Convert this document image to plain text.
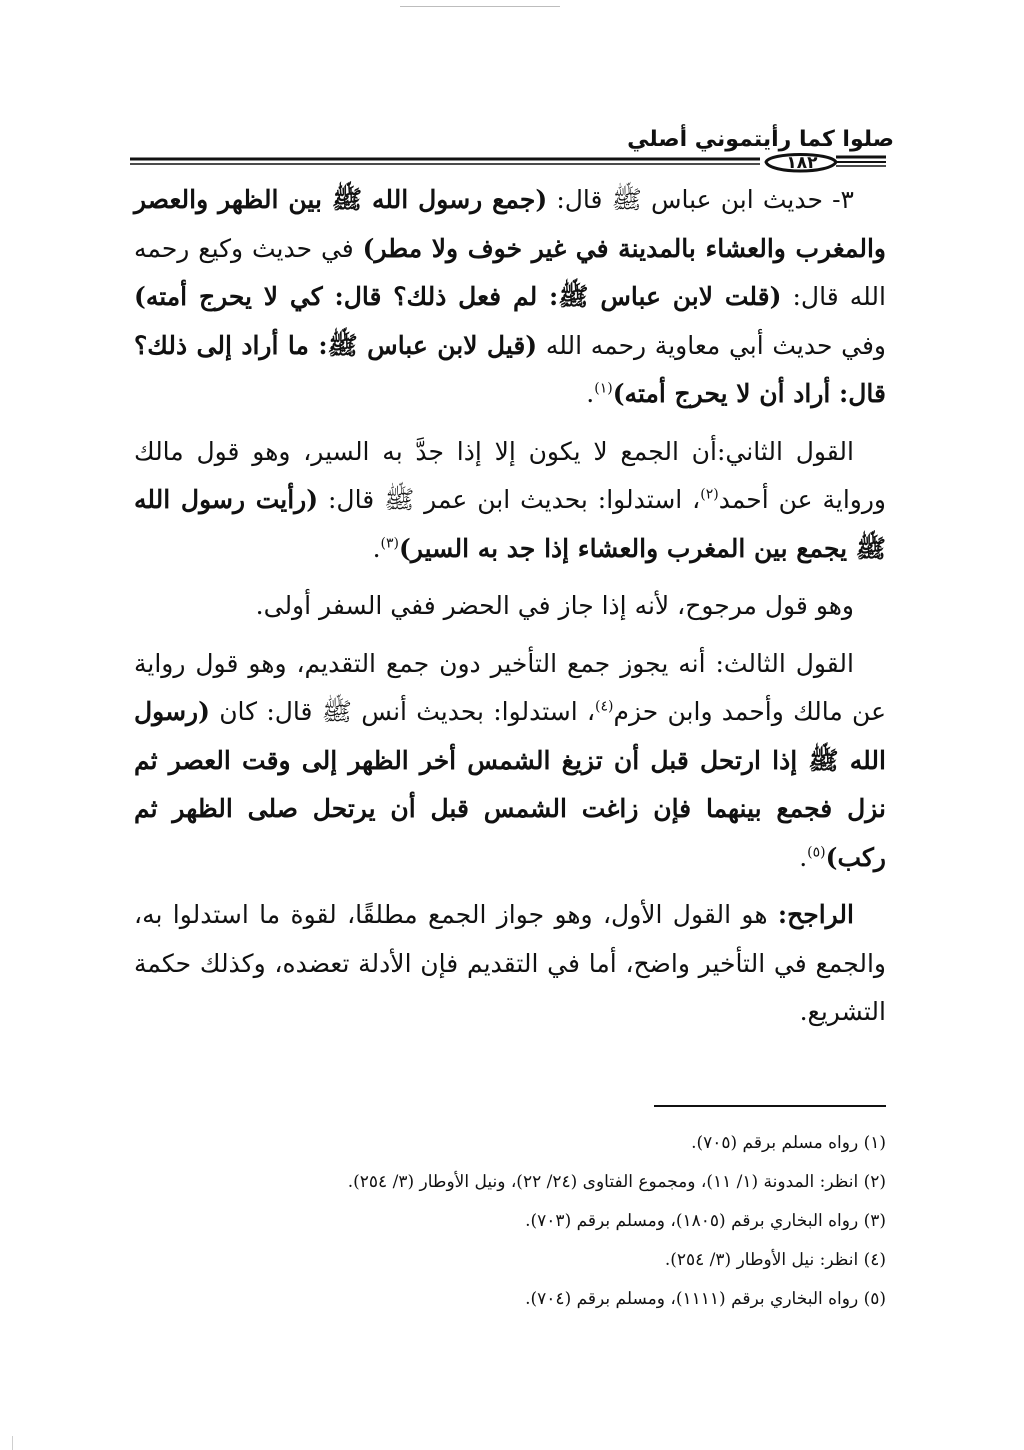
صلوا كما رأيتموني أصلي
١٨٢

٣- حديث ابن عباس ﷺ قال: (جمع رسول الله ﷺ بين الظهر والعصر والمغرب والعشاء بالمدينة في غير خوف ولا مطر) في حديث وكيع رحمه الله قال: (قلت لابن عباس ﷺ: لم فعل ذلك؟ قال: كي لا يحرج أمته) وفي حديث أبي معاوية رحمه الله (قيل لابن عباس ﷺ: ما أراد إلى ذلك؟ قال: أراد أن لا يحرج أمته)$^{(١)}$.

القول الثاني:أن الجمع لا يكون إلا إذا جدَّ به السير، وهو قول مالك ورواية عن أحمد$^{(٢)}$، استدلوا: بحديث ابن عمر ﷺ قال: (رأيت رسول الله ﷺ يجمع بين المغرب والعشاء إذا جد به السير)$^{(٣)}$.

وهو قول مرجوح، لأنه إذا جاز في الحضر ففي السفر أولى.

القول الثالث: أنه يجوز جمع التأخير دون جمع التقديم، وهو قول رواية عن مالك وأحمد وابن حزم$^{(٤)}$، استدلوا: بحديث أنس ﷺ قال: كان (رسول الله ﷺ إذا ارتحل قبل أن تزيغ الشمس أخر الظهر إلى وقت العصر ثم نزل فجمع بينهما فإن زاغت الشمس قبل أن يرتحل صلى الظهر ثم ركب)$^{(٥)}$.

الراجح: هو القول الأول، وهو جواز الجمع مطلقًا، لقوة ما استدلوا به، والجمع في التأخير واضح، أما في التقديم فإن الأدلة تعضده، وكذلك حكمة التشريع.

(١) رواه مسلم برقم (٧٠٥).
(٢) انظر: المدونة (١/ ١١)، ومجموع الفتاوى (٢٤/ ٢٢)، ونيل الأوطار (٣/ ٢٥٤).
(٣) رواه البخاري برقم (١٨٠٥)، ومسلم برقم (٧٠٣).
(٤) انظر: نيل الأوطار (٣/ ٢٥٤).
(٥) رواه البخاري برقم (١١١١)، ومسلم برقم (٧٠٤).
